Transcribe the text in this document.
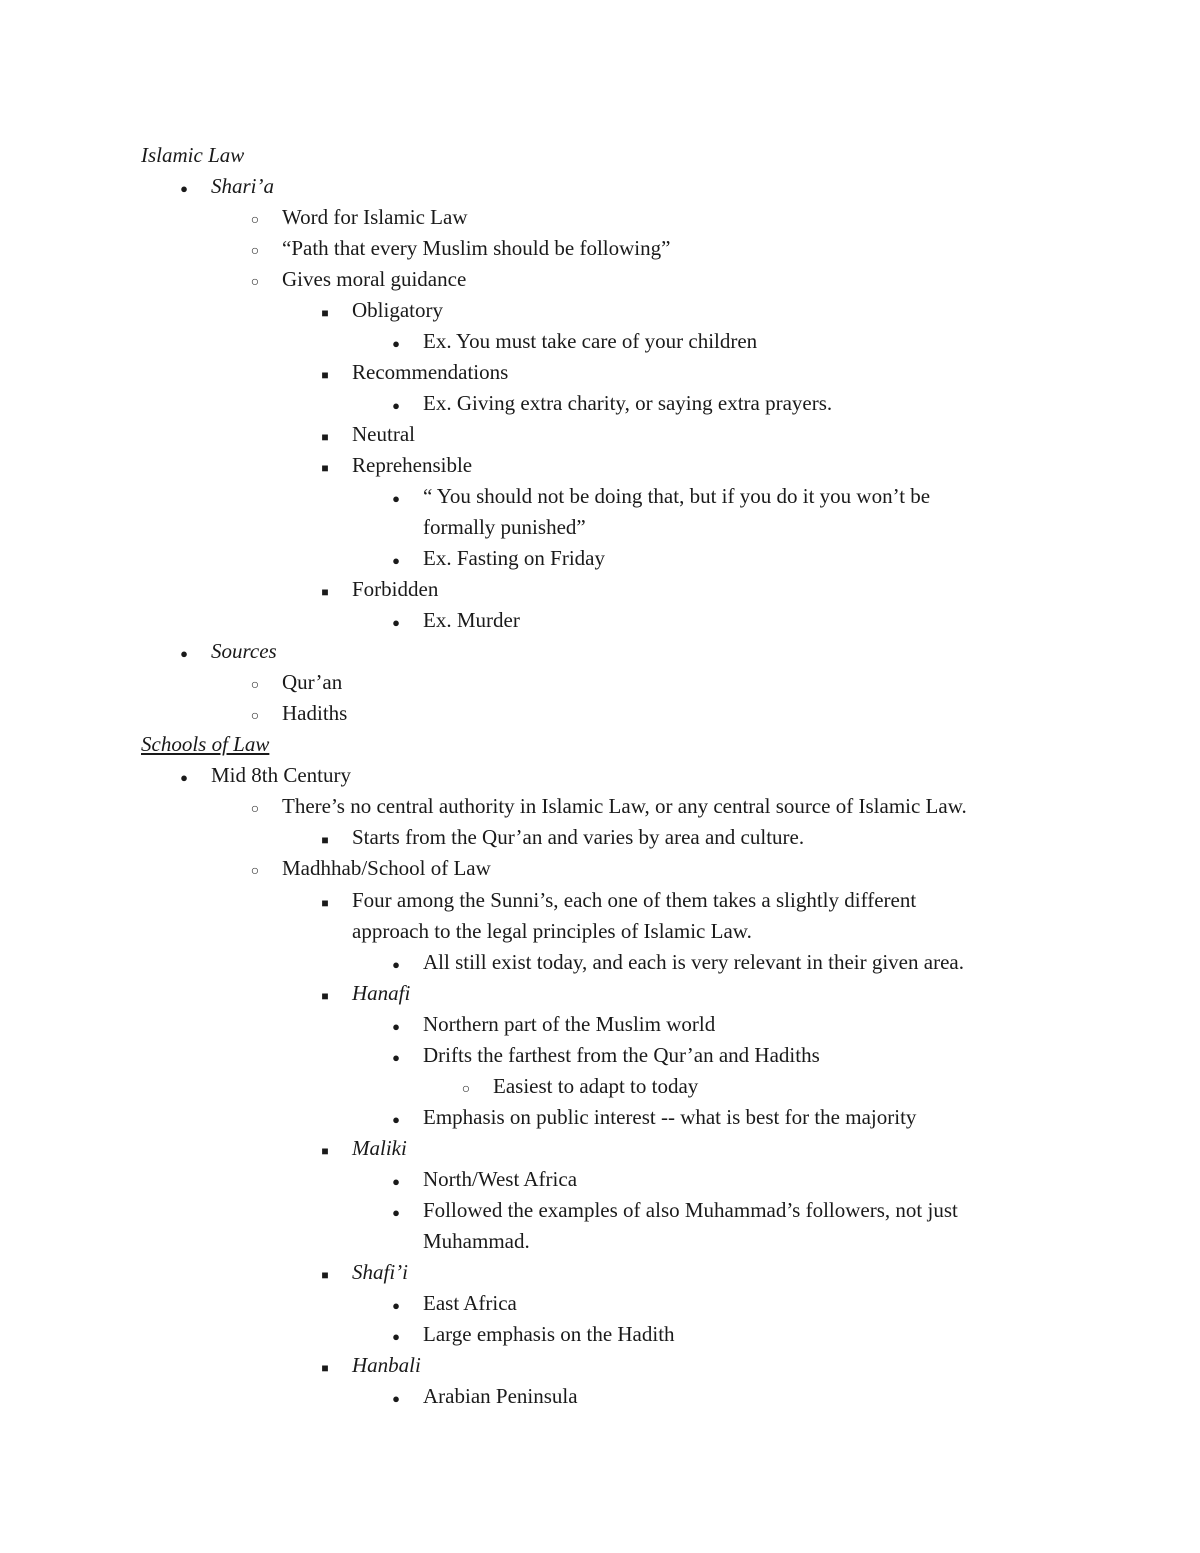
Islamic Law
●
Shari’a
○
Word for Islamic Law
○
“Path that every Muslim should be following”
○
Gives moral guidance
■
Obligatory
●
Ex. You must take care of your children
■
Recommendations
●
Ex. Giving extra charity, or saying extra prayers.
■
Neutral
■
Reprehensible
●
“ You should not be doing that, but if you do it you won’t be
formally punished”
●
Ex. Fasting on Friday
■
Forbidden
●
Ex. Murder
●
Sources
○
Qur’an
○
Hadiths
Schools of Law
●
Mid 8th Century
○
There’s no central authority in Islamic Law, or any central source of Islamic Law.
■
Starts from the Qur’an and varies by area and culture.
○
Madhhab/School of Law
■
Four among the Sunni’s, each one of them takes a slightly different
approach to the legal principles of Islamic Law.
●
All still exist today, and each is very relevant in their given area.
■
Hanafi
●
Northern part of the Muslim world
●
Drifts the farthest from the Qur’an and Hadiths
○
Easiest to adapt to today
●
Emphasis on public interest -- what is best for the majority
■
Maliki
●
North/West Africa
●
Followed the examples of also Muhammad’s followers, not just
Muhammad.
■
Shafi’i
●
East Africa
●
Large emphasis on the Hadith
■
Hanbali
●
Arabian Peninsula
